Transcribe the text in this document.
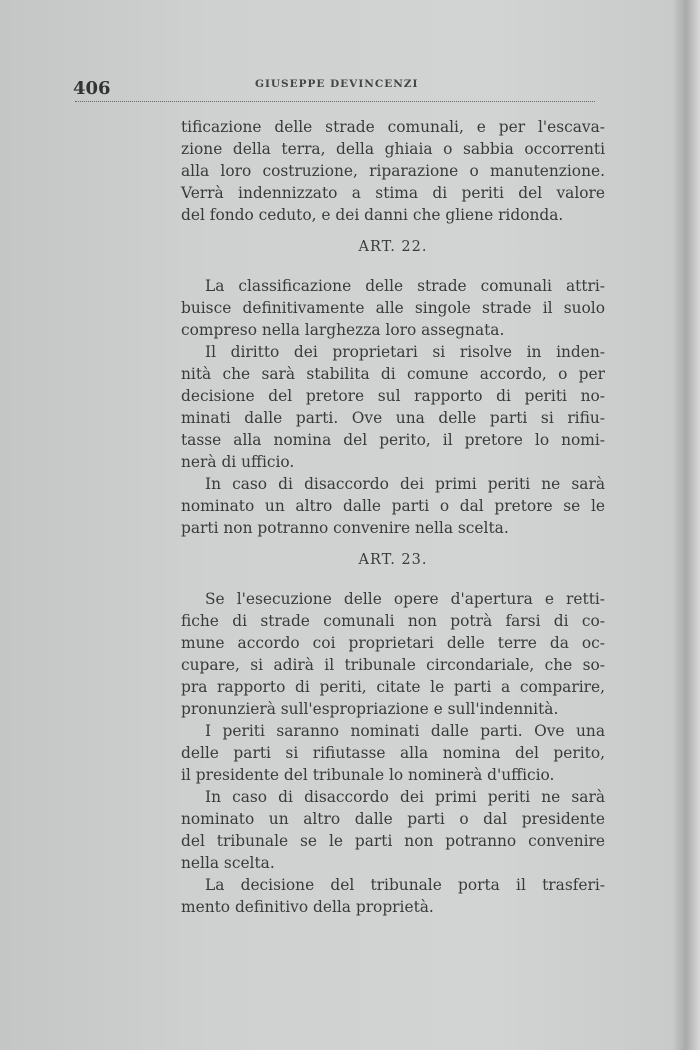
406	GIUSEPPE DEVINCENZI
tificazione delle strade comunali, e per l'escava-
zione della terra, della ghiaia o sabbia occorrenti
alla loro costruzione, riparazione o manutenzione.
Verrà indennizzato a stima di periti del valore
del fondo ceduto, e dei danni che gliene ridonda.
ART. 22.
La classificazione delle strade comunali attri-
buisce definitivamente alle singole strade il suolo
compreso nella larghezza loro assegnata.
Il diritto dei proprietari si risolve in inden-
nità che sarà stabilita di comune accordo, o per
decisione del pretore sul rapporto di periti no-
minati dalle parti. Ove una delle parti si rifiu-
tasse alla nomina del perito, il pretore lo nomi-
nerà di ufficio.
In caso di disaccordo dei primi periti ne sarà
nominato un altro dalle parti o dal pretore se le
parti non potranno convenire nella scelta.
ART. 23.
Se l'esecuzione delle opere d'apertura e retti-
fiche di strade comunali non potrà farsi di co-
mune accordo coi proprietari delle terre da oc-
cupare, si adirà il tribunale circondariale, che so-
pra rapporto di periti, citate le parti a comparire,
pronunzierà sull'espropriazione e sull'indennità.
I periti saranno nominati dalle parti. Ove una
delle parti si rifiutasse alla nomina del perito,
il presidente del tribunale lo nominerà d'ufficio.
In caso di disaccordo dei primi periti ne sarà
nominato un altro dalle parti o dal presidente
del tribunale se le parti non potranno convenire
nella scelta.
La decisione del tribunale porta il trasferi-
mento definitivo della proprietà.
